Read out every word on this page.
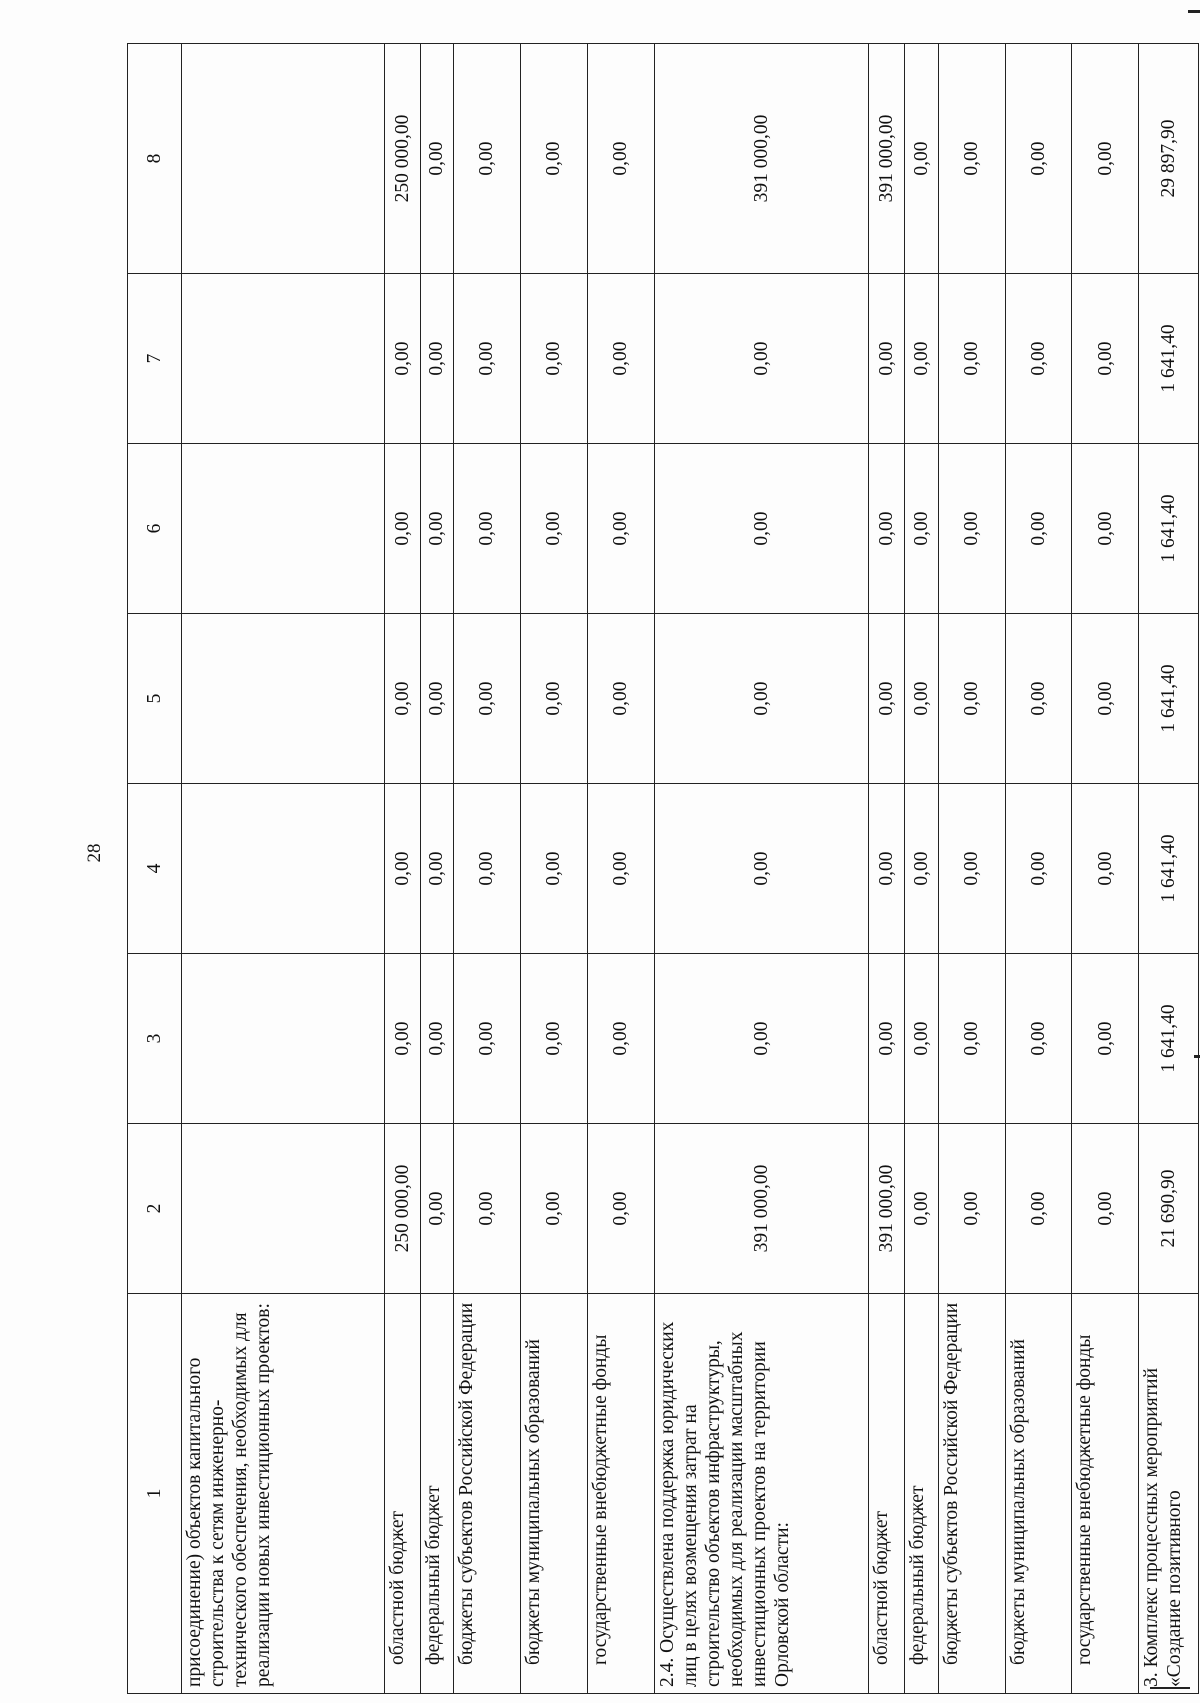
28
1	2	3	4	5	6	7	8
присоединение) объектов капитального строительства к сетям инженерно-технического обеспечения, необходимых для реализации новых инвестиционных проектов:							
областной бюджет	250 000,00	0,00	0,00	0,00	0,00	0,00	250 000,00
федеральный бюджет	0,00	0,00	0,00	0,00	0,00	0,00	0,00
бюджеты субъектов Российской Федерации	0,00	0,00	0,00	0,00	0,00	0,00	0,00
бюджеты муниципальных образований	0,00	0,00	0,00	0,00	0,00	0,00	0,00
государственные внебюджетные фонды	0,00	0,00	0,00	0,00	0,00	0,00	0,00
2.4. Осуществлена поддержка юридических лиц в целях возмещения затрат на строительство объектов инфраструктуры, необходимых для реализации масштабных инвестиционных проектов на территории Орловской области:	391 000,00	0,00	0,00	0,00	0,00	0,00	391 000,00
областной бюджет	391 000,00	0,00	0,00	0,00	0,00	0,00	391 000,00
федеральный бюджет	0,00	0,00	0,00	0,00	0,00	0,00	0,00
бюджеты субъектов Российской Федерации	0,00	0,00	0,00	0,00	0,00	0,00	0,00
бюджеты муниципальных образований	0,00	0,00	0,00	0,00	0,00	0,00	0,00
государственные внебюджетные фонды	0,00	0,00	0,00	0,00	0,00	0,00	0,00
3. Комплекс процессных мероприятий «Создание позитивного	21 690,90	1 641,40	1 641,40	1 641,40	1 641,40	1 641,40	29 897,90
